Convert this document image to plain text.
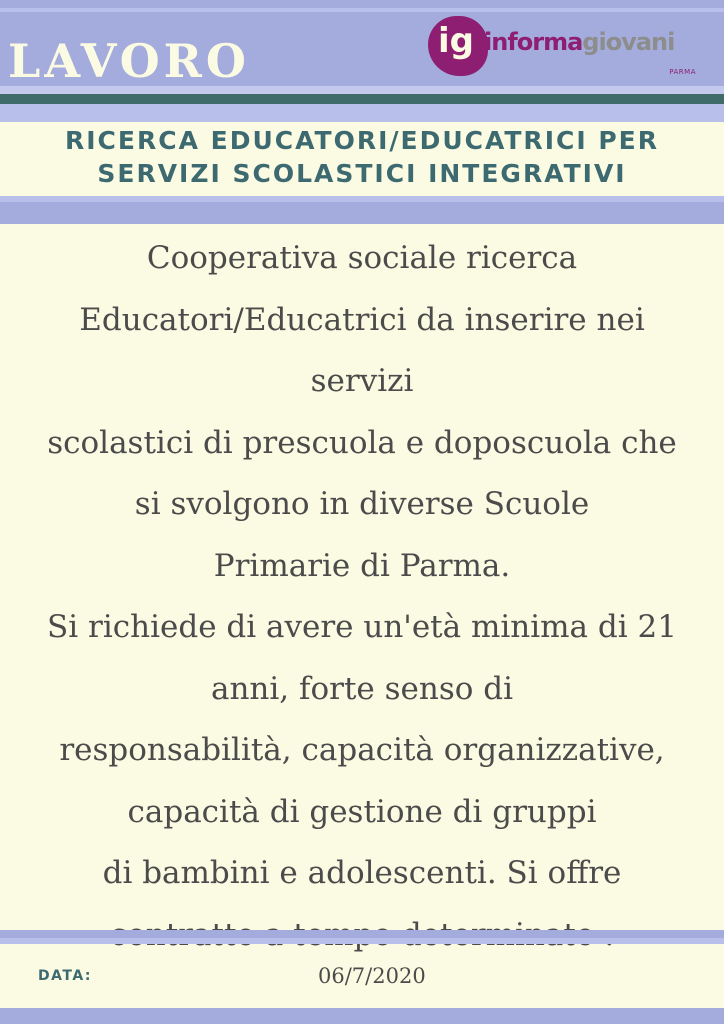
LAVORO	ig informagiovani
PARMA
RICERCA EDUCATORI/EDUCATRICI PER
SERVIZI SCOLASTICI INTEGRATIVI
Cooperativa sociale ricerca
Educatori/Educatrici da inserire nei
servizi
scolastici di prescuola e doposcuola che
si svolgono in diverse Scuole
Primarie di Parma.
Si richiede di avere un'età minima di 21
anni, forte senso di
responsabilità, capacità organizzative,
capacità di gestione di gruppi
di bambini e adolescenti. Si offre
DATA:	06/7/2020
